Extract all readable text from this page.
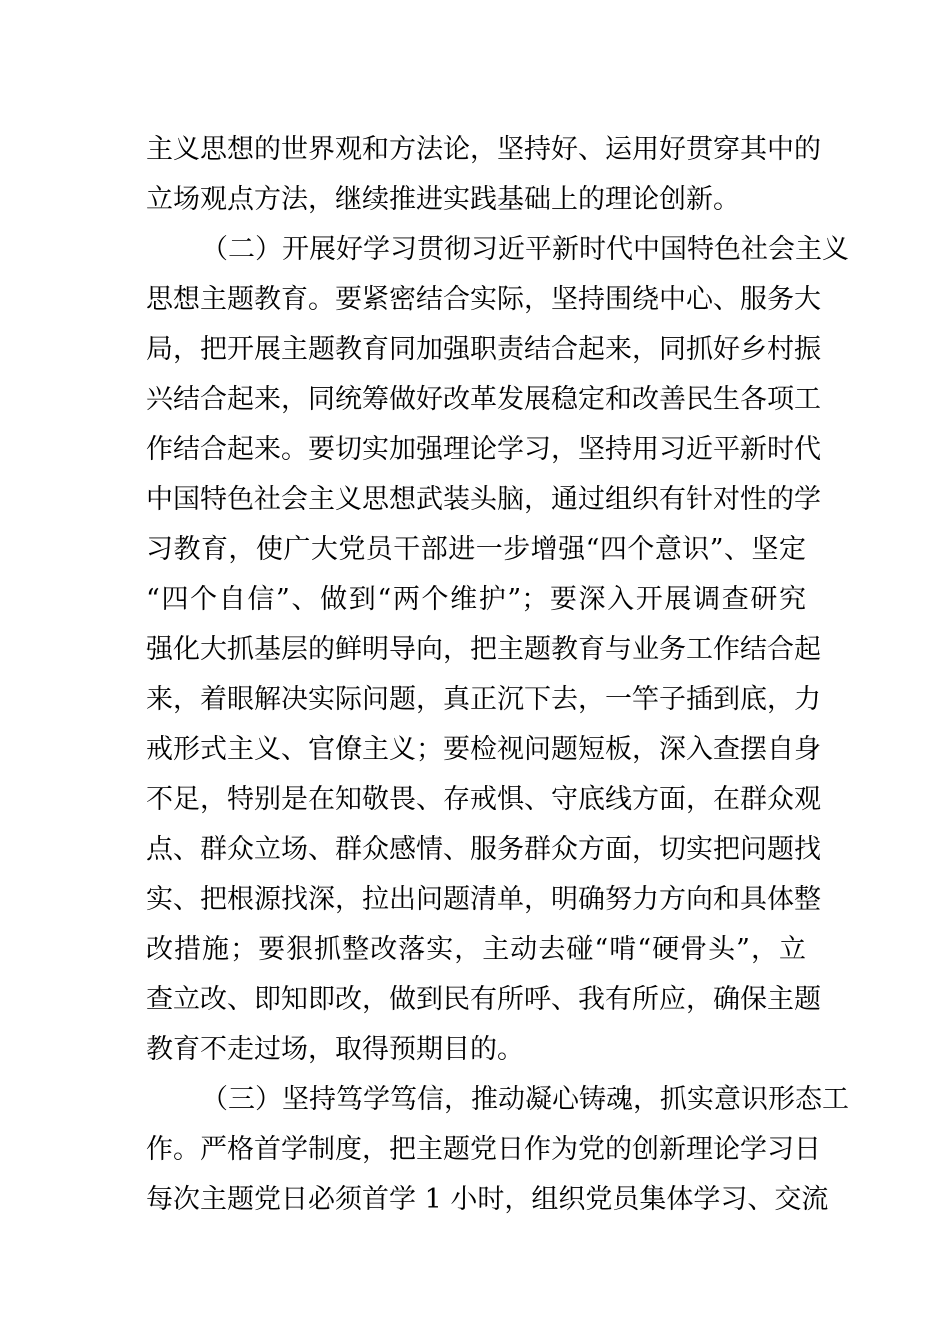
主义思想的世界观和方法论，坚持好、运用好贯穿其中的
立场观点方法，继续推进实践基础上的理论创新。
（二）开展好学习贯彻习近平新时代中国特色社会主义
思想主题教育。要紧密结合实际，坚持围绕中心、服务大
局，把开展主题教育同加强职责结合起来，同抓好乡村振
兴结合起来，同统筹做好改革发展稳定和改善民生各项工
作结合起来。要切实加强理论学习，坚持用习近平新时代
中国特色社会主义思想武装头脑，通过组织有针对性的学
习教育，使广大党员干部进一步增强“四个意识”、坚定
“四个自信”、做到“两个维护”；要深入开展调查研究
强化大抓基层的鲜明导向，把主题教育与业务工作结合起
来，着眼解决实际问题，真正沉下去，一竿子插到底，力
戒形式主义、官僚主义；要检视问题短板，深入查摆自身
不足，特别是在知敬畏、存戒惧、守底线方面，在群众观
点、群众立场、群众感情、服务群众方面，切实把问题找
实、把根源找深，拉出问题清单，明确努力方向和具体整
改措施；要狠抓整改落实，主动去碰“啃“硬骨头”，立
查立改、即知即改，做到民有所呼、我有所应，确保主题
教育不走过场，取得预期目的。
（三）坚持笃学笃信，推动凝心铸魂，抓实意识形态工
作。严格首学制度，把主题党日作为党的创新理论学习日
每次主题党日必须首学 1 小时，组织党员集体学习、交流
